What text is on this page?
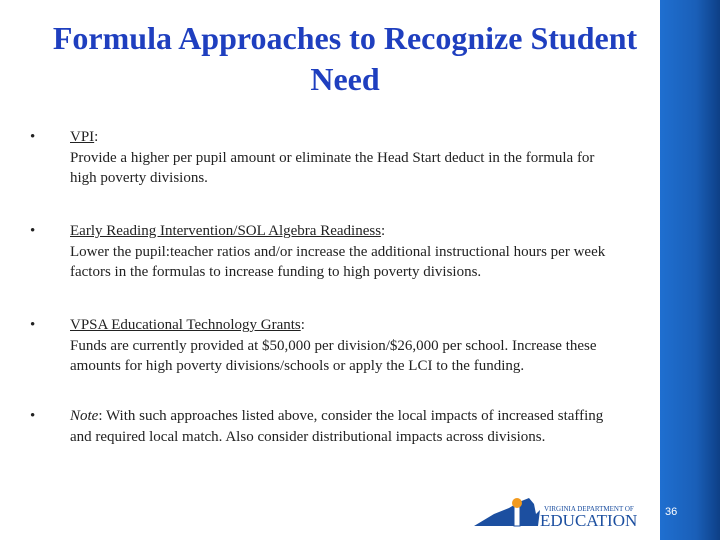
Formula Approaches to Recognize Student Need
• VPI:
Provide a higher per pupil amount or eliminate the Head Start deduct in the formula for high poverty divisions.
• Early Reading Intervention/SOL Algebra Readiness:
Lower the pupil:teacher ratios and/or increase the additional instructional hours per week factors in the formulas to increase funding to high poverty divisions.
• VPSA Educational Technology Grants:
Funds are currently provided at $50,000 per division/$26,000 per school. Increase these amounts for high poverty divisions/schools or apply the LCI to the funding.
• Note: With such approaches listed above, consider the local impacts of increased staffing and required local match. Also consider distributional impacts across divisions.
VIRGINIA DEPARTMENT OF
EDUCATION	36
